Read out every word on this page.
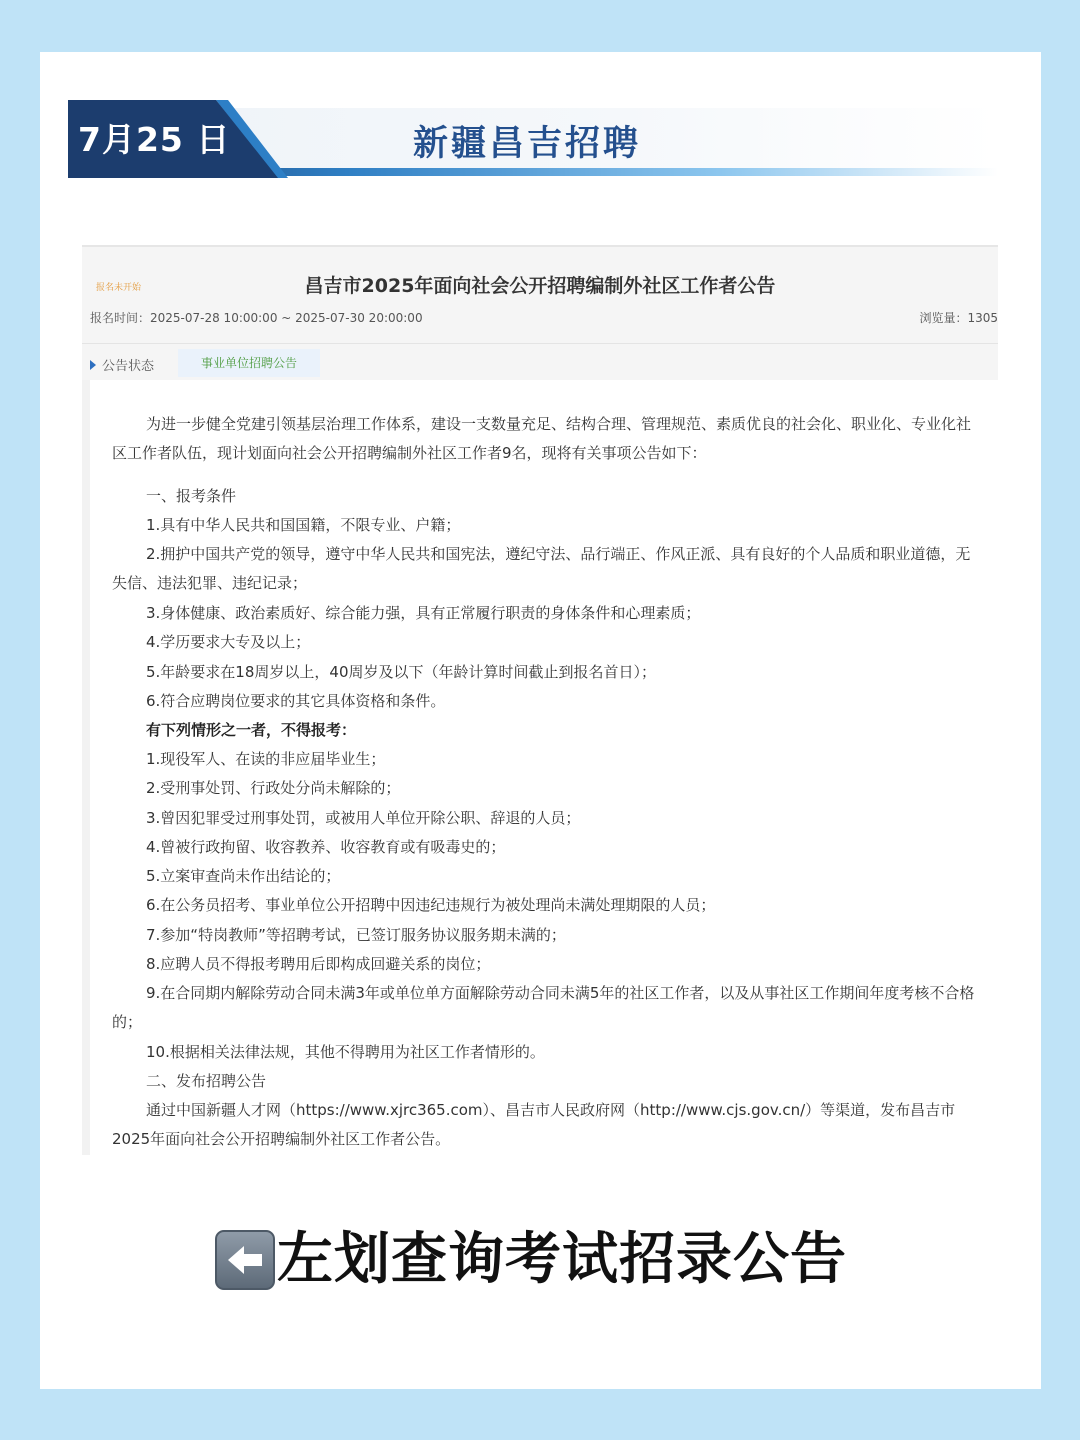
7月25 日	新疆昌吉招聘
报名未开始	昌吉市2025年面向社会公开招聘编制外社区工作者公告
报名时间：2025-07-28 10:00:00 ~ 2025-07-30 20:00:00	浏览量：1305
公告状态	事业单位招聘公告
为进一步健全党建引领基层治理工作体系，建设一支数量充足、结构合理、管理规范、素质优良的社会化、职业化、专业化社区工作者队伍，现计划面向社会公开招聘编制外社区工作者9名，现将有关事项公告如下：
一、报考条件
1.具有中华人民共和国国籍，不限专业、户籍；
2.拥护中国共产党的领导，遵守中华人民共和国宪法，遵纪守法、品行端正、作风正派、具有良好的个人品质和职业道德，无失信、违法犯罪、违纪记录；
3.身体健康、政治素质好、综合能力强，具有正常履行职责的身体条件和心理素质；
4.学历要求大专及以上；
5.年龄要求在18周岁以上，40周岁及以下（年龄计算时间截止到报名首日）；
6.符合应聘岗位要求的其它具体资格和条件。
有下列情形之一者，不得报考：
1.现役军人、在读的非应届毕业生；
2.受刑事处罚、行政处分尚未解除的；
3.曾因犯罪受过刑事处罚，或被用人单位开除公职、辞退的人员；
4.曾被行政拘留、收容教养、收容教育或有吸毒史的；
5.立案审查尚未作出结论的；
6.在公务员招考、事业单位公开招聘中因违纪违规行为被处理尚未满处理期限的人员；
7.参加“特岗教师”等招聘考试，已签订服务协议服务期未满的；
8.应聘人员不得报考聘用后即构成回避关系的岗位；
9.在合同期内解除劳动合同未满3年或单位单方面解除劳动合同未满5年的社区工作者，以及从事社区工作期间年度考核不合格的；
10.根据相关法律法规，其他不得聘用为社区工作者情形的。
二、发布招聘公告
通过中国新疆人才网（https://www.xjrc365.com）、昌吉市人民政府网（http://www.cjs.gov.cn/）等渠道，发布昌吉市2025年面向社会公开招聘编制外社区工作者公告。
左划查询考试招录公告
